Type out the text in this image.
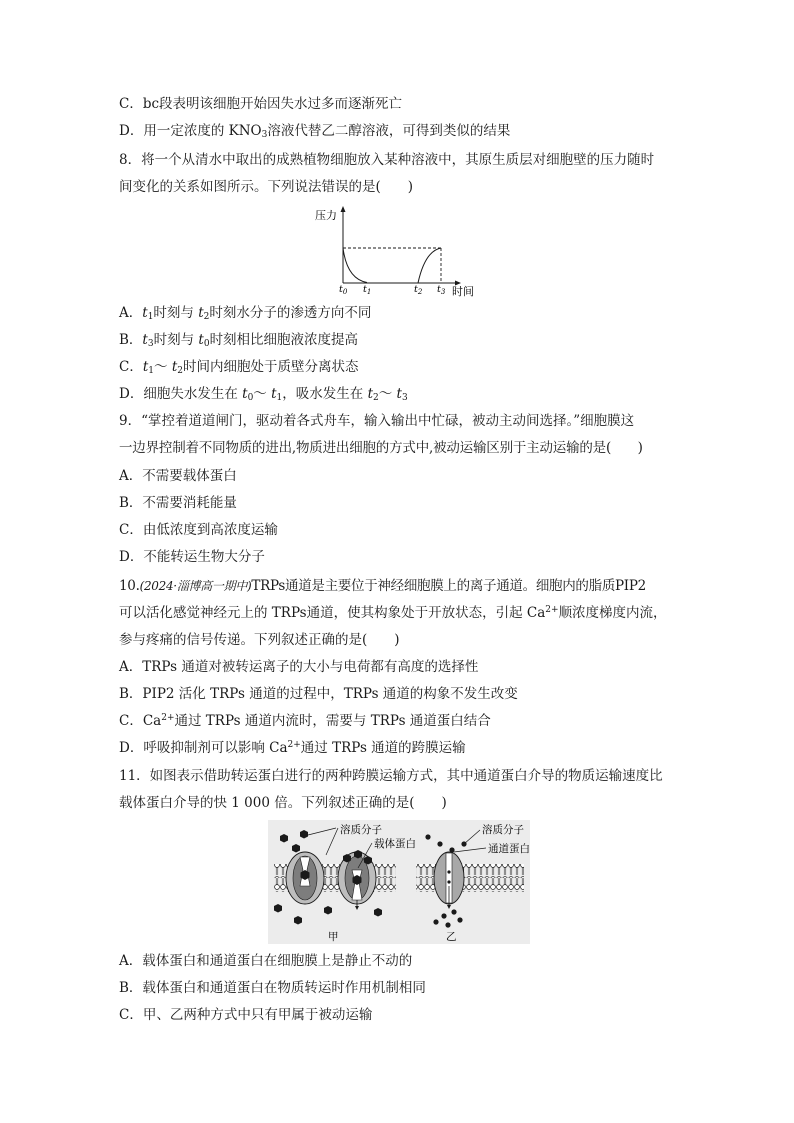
C．bc段表明该细胞开始因失水过多而逐渐死亡
D．用一定浓度的 $KNO_3$溶液代替乙二醇溶液，可得到类似的结果
8．将一个从清水中取出的成熟植物细胞放入某种溶液中，其原生质层对细胞壁的压力随时
间变化的关系如图所示。下列说法错误的是(　　)
压力
时间
$t_0$ $t_1$	$t_2$ $t_3$
A．$t_1$时刻与 $t_2$时刻水分子的渗透方向不同
B．$t_3$时刻与 $t_0$时刻相比细胞液浓度提高
C．$t_1\sim$ $t_2$时间内细胞处于质壁分离状态
D．细胞失水发生在 $t_0\sim$ $t_1$，吸水发生在 $t_2\sim$ $t_3$
9．“掌控着道道闸门，驱动着各式舟车，输入输出中忙碌，被动主动间选择。”细胞膜这
一边界控制着不同物质的进出,物质进出细胞的方式中,被动运输区别于主动运输的是(　　)
A．不需要载体蛋白
B．不需要消耗能量
C．由低浓度到高浓度运输
D．不能转运生物大分子
10.(2024·淄博高一期中)TRPs通道是主要位于神经细胞膜上的离子通道。细胞内的脂质PIP2
可以活化感觉神经元上的 TRPs通道，使其构象处于开放状态，引起 $Ca^{2+}$顺浓度梯度内流，
参与疼痛的信号传递。下列叙述正确的是(　　)
A．TRPs 通道对被转运离子的大小与电荷都有高度的选择性
B．PIP2 活化 TRPs 通道的过程中，TRPs 通道的构象不发生改变
C．$Ca^{2+}$通过 TRPs 通道内流时，需要与 TRPs 通道蛋白结合
D．呼吸抑制剂可以影响 $Ca^{2+}$通过 TRPs 通道的跨膜运输
11．如图表示借助转运蛋白进行的两种跨膜运输方式，其中通道蛋白介导的物质运输速度比
载体蛋白介导的快 1 000 倍。下列叙述正确的是(　　)
溶质分子
载体蛋白
溶质分子
通道蛋白
甲	乙
A．载体蛋白和通道蛋白在细胞膜上是静止不动的
B．载体蛋白和通道蛋白在物质转运时作用机制相同
C．甲、乙两种方式中只有甲属于被动运输
